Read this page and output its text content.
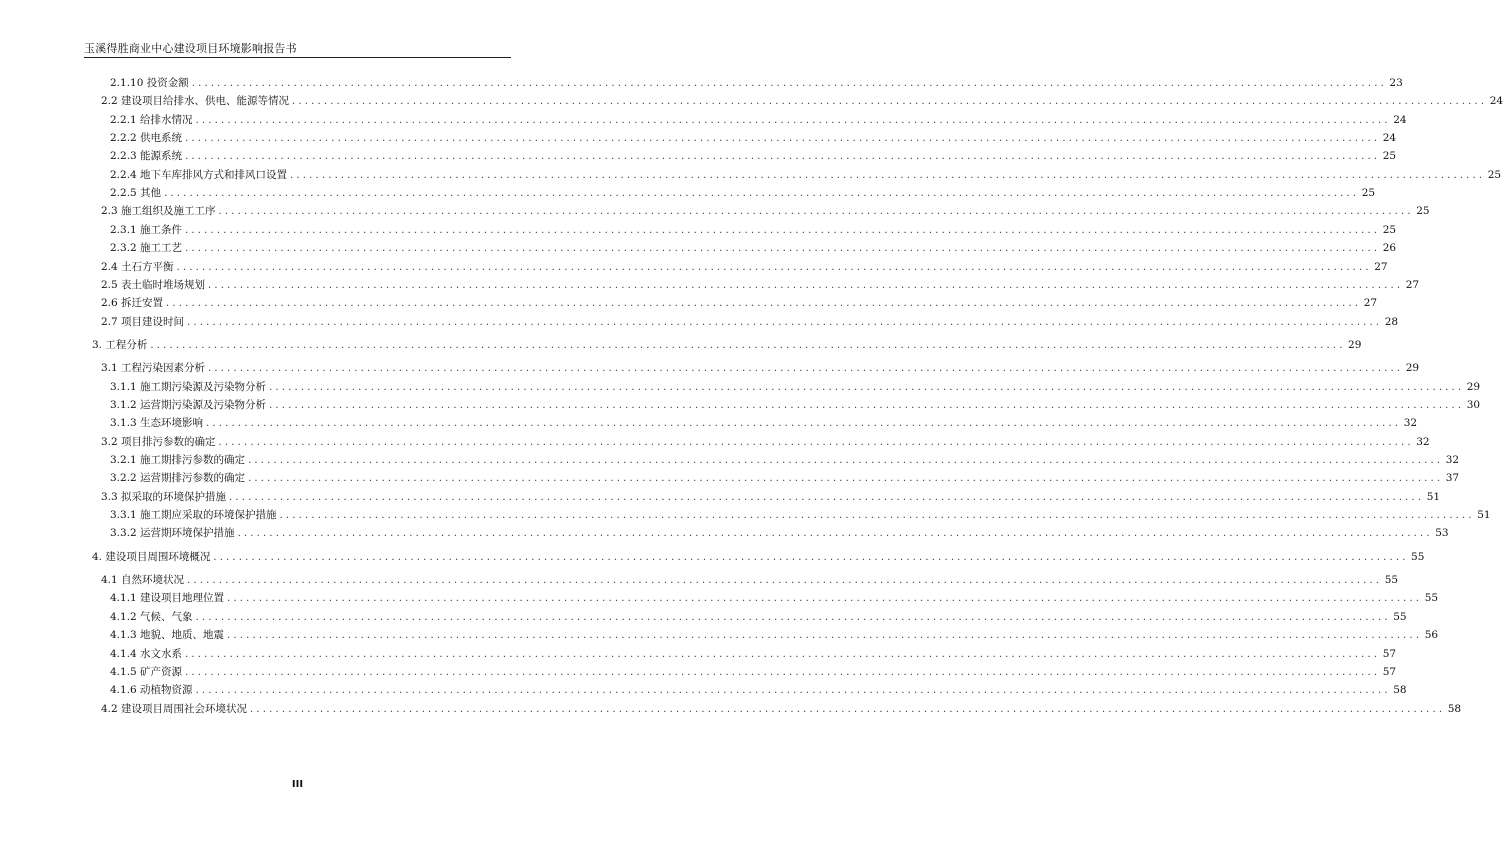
玉溪得胜商业中心建设项目环境影响报告书
2.1.10 投资金额 . . .	23
2.2 建设项目给排水、供电、能源等情况 . . .	24
2.2.1 给排水情况 . . .	24
2.2.2 供电系统 . . .	24
2.2.3 能源系统 . . .	25
2.2.4 地下车库排风方式和排风口设置 . . .	25
2.2.5 其他 . . .	25
2.3 施工组织及施工工序 . . .	25
2.3.1 施工条件 . . .	25
2.3.2 施工工艺 . . .	26
2.4 土石方平衡 . . .	27
2.5 表土临时堆场规划 . . .	27
2.6 拆迁安置 . . .	27
2.7 项目建设时间 . . .	28
3. 工程分析 . . .	29
3.1 工程污染因素分析 . . .	29
3.1.1 施工期污染源及污染物分析 . . .	29
3.1.2 运营期污染源及污染物分析 . . .	30
3.1.3 生态环境影响 . . .	32
3.2 项目排污参数的确定 . . .	32
3.2.1 施工期排污参数的确定 . . .	32
3.2.2 运营期排污参数的确定 . . .	37
3.3 拟采取的环境保护措施 . . .	51
3.3.1 施工期应采取的环境保护措施 . . .	51
3.3.2 运营期环境保护措施 . . .	53
4. 建设项目周围环境概况 . . .	55
4.1 自然环境状况 . . .	55
4.1.1 建设项目地理位置 . . .	55
4.1.2 气候、气象 . . .	55
4.1.3 地貌、地质、地震 . . .	56
4.1.4 水文水系 . . .	57
4.1.5 矿产资源 . . .	57
4.1.6 动植物资源 . . .	58
4.2 建设项目周围社会环境状况 . . .	58
III
